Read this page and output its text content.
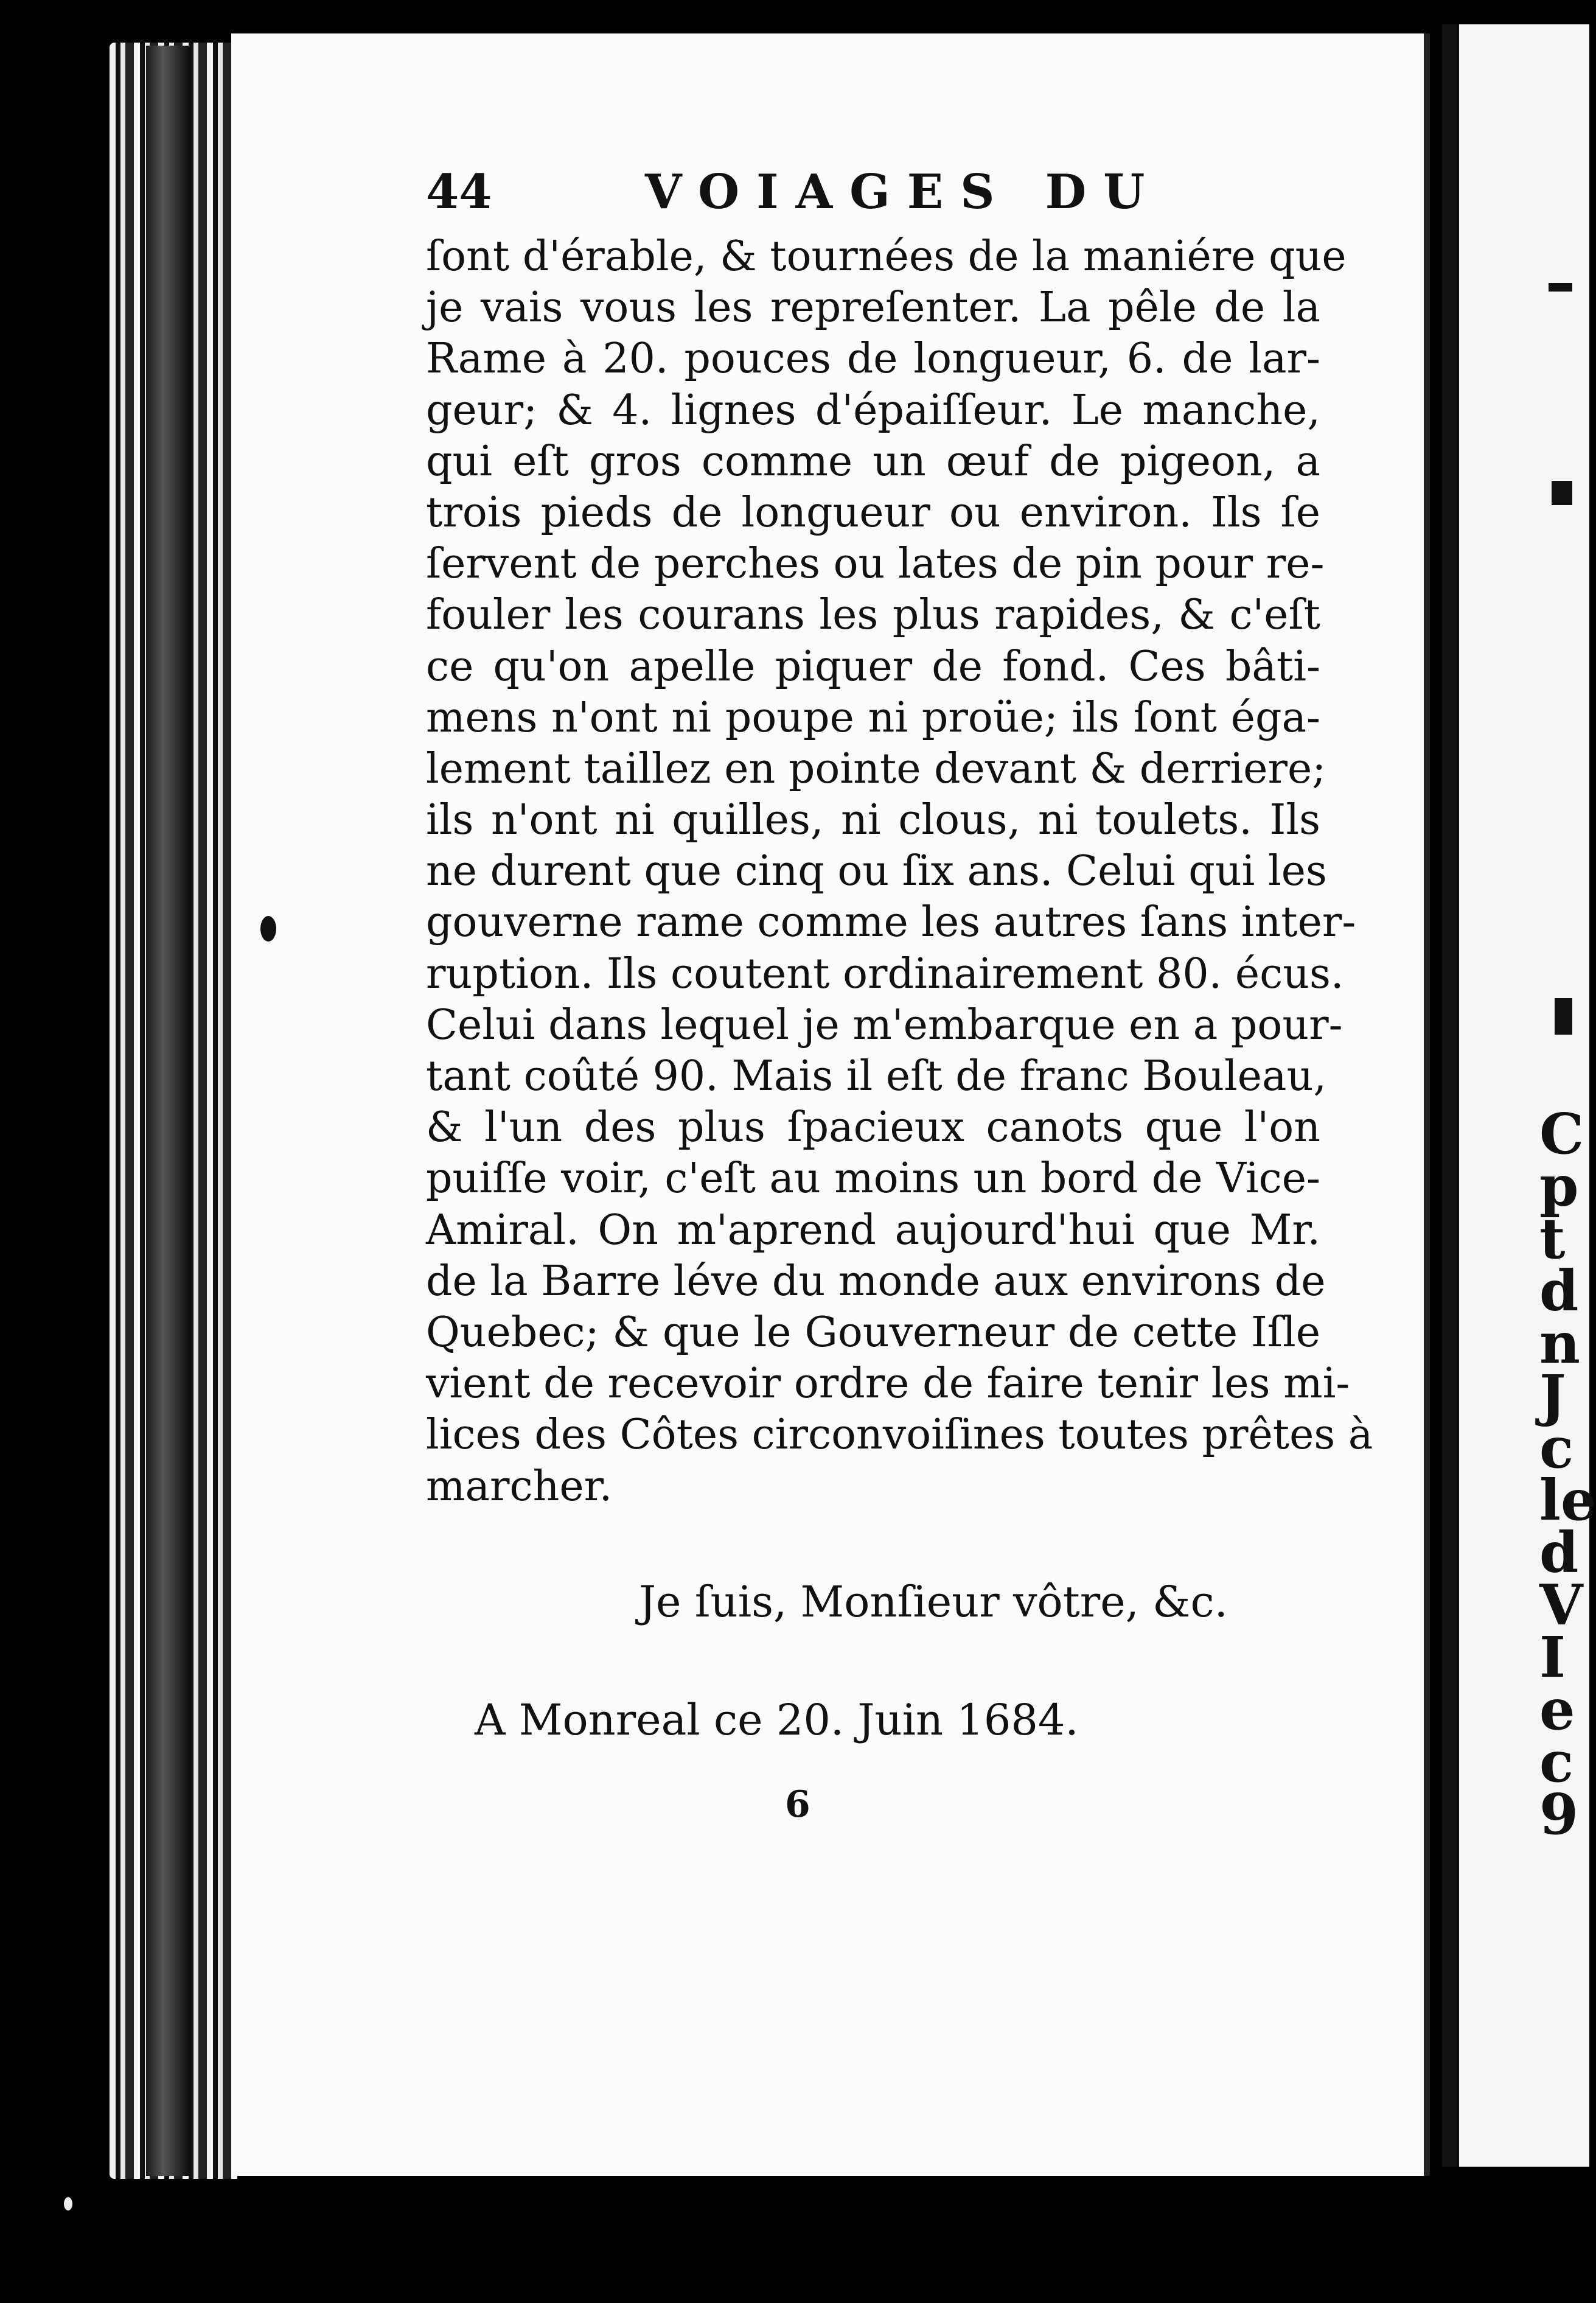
C
p
t
d
n
J
c
le
d
V
I
e
c
9
44	VOIAGES DU
ſont d'érable, & tournées de la maniére que
je vais vous les repreſenter. La pêle de la
Rame à 20. pouces de longueur, 6. de lar-
geur; & 4. lignes d'épaiſſeur. Le manche,
qui eſt gros comme un œuf de pigeon, a
trois pieds de longueur ou environ. Ils ſe
ſervent de perches ou lates de pin pour re-
fouler les courans les plus rapides, & c'eſt
ce qu'on apelle piquer de fond. Ces bâti-
mens n'ont ni poupe ni proüe; ils ſont éga-
lement taillez en pointe devant & derriere;
ils n'ont ni quilles, ni clous, ni toulets. Ils
ne durent que cinq ou ſix ans. Celui qui les
gouverne rame comme les autres ſans inter-
ruption. Ils coutent ordinairement 80. écus.
Celui dans lequel je m'embarque en a pour-
tant coûté 90. Mais il eſt de franc Bouleau,
& l'un des plus ſpacieux canots que l'on
puiſſe voir, c'eſt au moins un bord de Vice-
Amiral. On m'aprend aujourd'hui que Mr.
de la Barre léve du monde aux environs de
Quebec; & que le Gouverneur de cette Iſle
vient de recevoir ordre de faire tenir les mi-
lices des Côtes circonvoiſines toutes prêtes à
marcher.
Je ſuis, Monſieur vôtre, &c.
A Monreal ce 20. Juin 1684.
6
